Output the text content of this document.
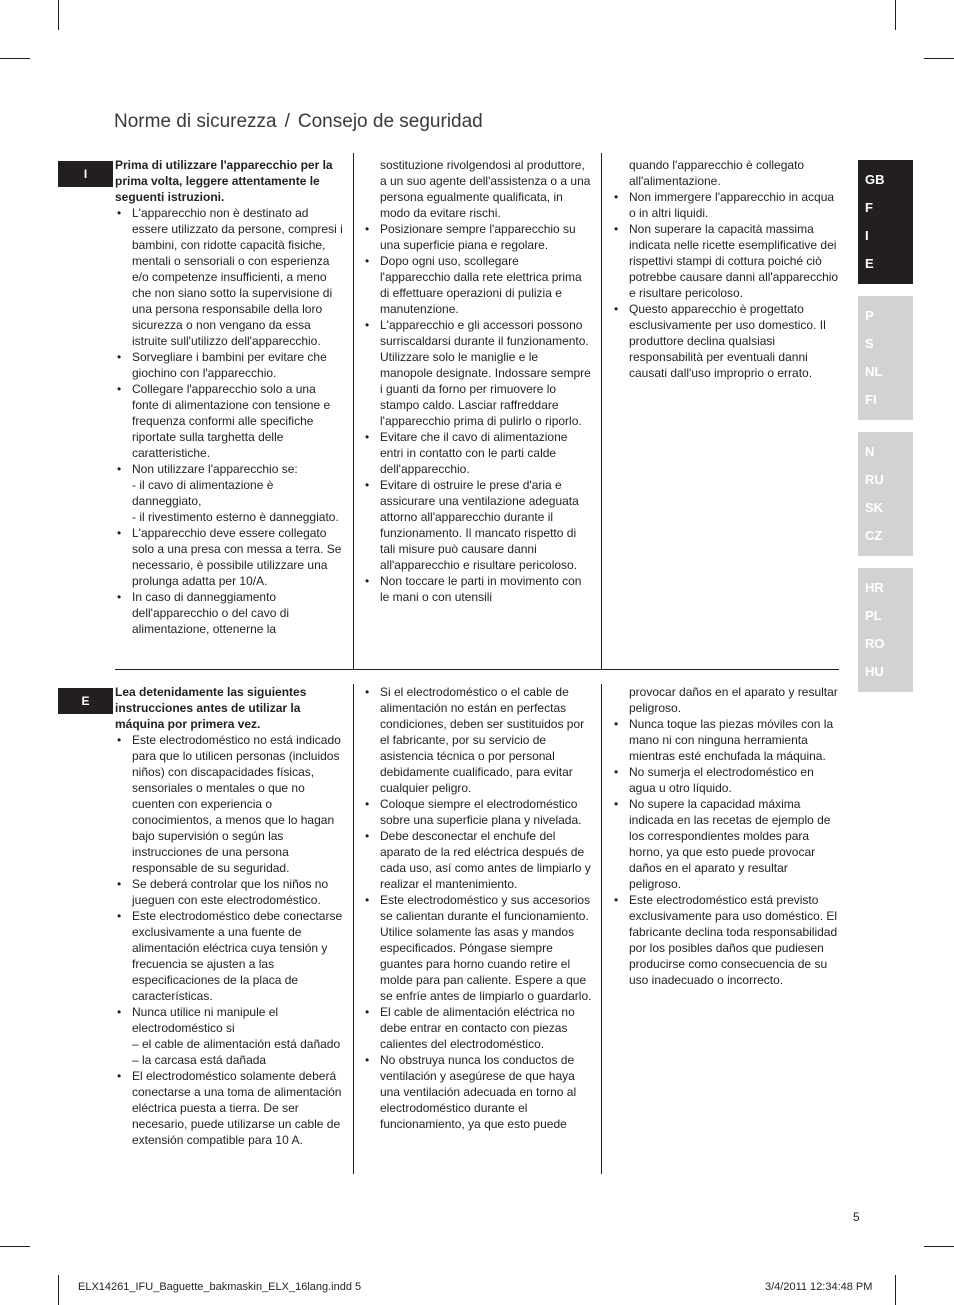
Norme di sicurezza / Consejo de seguridad
I

Prima di utilizzare l'apparecchio per la prima volta, leggere attentamente le seguenti istruzioni.

• L'apparecchio non è destinato ad essere utilizzato da persone, compresi i bambini, con ridotte capacità fisiche, mentali o sensoriali o con esperienza e/o competenze insufficienti, a meno che non siano sotto la supervisione di una persona responsabile della loro sicurezza o non vengano da essa istruite sull'utilizzo dell'apparecchio.
• Sorvegliare i bambini per evitare che giochino con l'apparecchio.
• Collegare l'apparecchio solo a una fonte di alimentazione con tensione e frequenza conformi alle specifiche riportate sulla targhetta delle caratteristiche.
• Non utilizzare l'apparecchio se:
- il cavo di alimentazione è danneggiato,
- il rivestimento esterno è danneggiato.
• L'apparecchio deve essere collegato solo a una presa con messa a terra. Se necessario, è possibile utilizzare una prolunga adatta per 10/A.
• In caso di danneggiamento dell'apparecchio o del cavo di alimentazione, ottenerne la
sostituzione rivolgendosi al produttore, a un suo agente dell'assistenza o a una persona egualmente qualificata, in modo da evitare rischi.
• Posizionare sempre l'apparecchio su una superficie piana e regolare.
• Dopo ogni uso, scollegare l'apparecchio dalla rete elettrica prima di effettuare operazioni di pulizia e manutenzione.
• L'apparecchio e gli accessori possono surriscaldarsi durante il funzionamento. Utilizzare solo le maniglie e le manopole designate. Indossare sempre i guanti da forno per rimuovere lo stampo caldo. Lasciar raffreddare l'apparecchio prima di pulirlo o riporlo.
• Evitare che il cavo di alimentazione entri in contatto con le parti calde dell'apparecchio.
• Evitare di ostruire le prese d'aria e assicurare una ventilazione adeguata attorno all'apparecchio durante il funzionamento. Il mancato rispetto di tali misure può causare danni all'apparecchio e risultare pericoloso.
• Non toccare le parti in movimento con le mani o con utensili
quando l'apparecchio è collegato all'alimentazione.
• Non immergere l'apparecchio in acqua o in altri liquidi.
• Non superare la capacità massima indicata nelle ricette esemplificative dei rispettivi stampi di cottura poiché ciò potrebbe causare danni all'apparecchio e risultare pericoloso.
• Questo apparecchio è progettato esclusivamente per uso domestico. Il produttore declina qualsiasi responsabilità per eventuali danni causati dall'uso improprio o errato.
E

Lea detenidamente las siguientes instrucciones antes de utilizar la máquina por primera vez.

• Este electrodoméstico no está indicado para que lo utilicen personas (incluidos niños) con discapacidades físicas, sensoriales o mentales o que no cuenten con experiencia o conocimientos, a menos que lo hagan bajo supervisión o según las instrucciones de una persona responsable de su seguridad.
• Se deberá controlar que los niños no jueguen con este electrodoméstico.
• Este electrodoméstico debe conectarse exclusivamente a una fuente de alimentación eléctrica cuya tensión y frecuencia se ajusten a las especificaciones de la placa de características.
• Nunca utilice ni manipule el electrodoméstico si
– el cable de alimentación está dañado
– la carcasa está dañada
• El electrodoméstico solamente deberá conectarse a una toma de alimentación eléctrica puesta a tierra. De ser necesario, puede utilizarse un cable de extensión compatible para 10 A.
• Si el electrodoméstico o el cable de alimentación no están en perfectas condiciones, deben ser sustituidos por el fabricante, por su servicio de asistencia técnica o por personal debidamente cualificado, para evitar cualquier peligro.
• Coloque siempre el electrodoméstico sobre una superficie plana y nivelada.
• Debe desconectar el enchufe del aparato de la red eléctrica después de cada uso, así como antes de limpiarlo y realizar el mantenimiento.
• Este electrodoméstico y sus accesorios se calientan durante el funcionamiento. Utilice solamente las asas y mandos especificados. Póngase siempre guantes para horno cuando retire el molde para pan caliente. Espere a que se enfríe antes de limpiarlo o guardarlo.
• El cable de alimentación eléctrica no debe entrar en contacto con piezas calientes del electrodoméstico.
• No obstruya nunca los conductos de ventilación y asegúrese de que haya una ventilación adecuada en torno al electrodoméstico durante el funcionamiento, ya que esto puede
provocar daños en el aparato y resultar peligroso.
• Nunca toque las piezas móviles con la mano ni con ninguna herramienta mientras esté enchufada la máquina.
• No sumerja el electrodoméstico en agua u otro líquido.
• No supere la capacidad máxima indicada en las recetas de ejemplo de los correspondientes moldes para horno, ya que esto puede provocar daños en el aparato y resultar peligroso.
• Este electrodoméstico está previsto exclusivamente para uso doméstico. El fabricante declina toda responsabilidad por los posibles daños que pudiesen producirse como consecuencia de su uso inadecuado o incorrecto.
GB
F
I
E
P
S
NL
FI
N
RU
SK
CZ
HR
PL
RO
HU
5
ELX14261_IFU_Baguette_bakmaskin_ELX_16lang.indd 5	3/4/2011 12:34:48 PM
